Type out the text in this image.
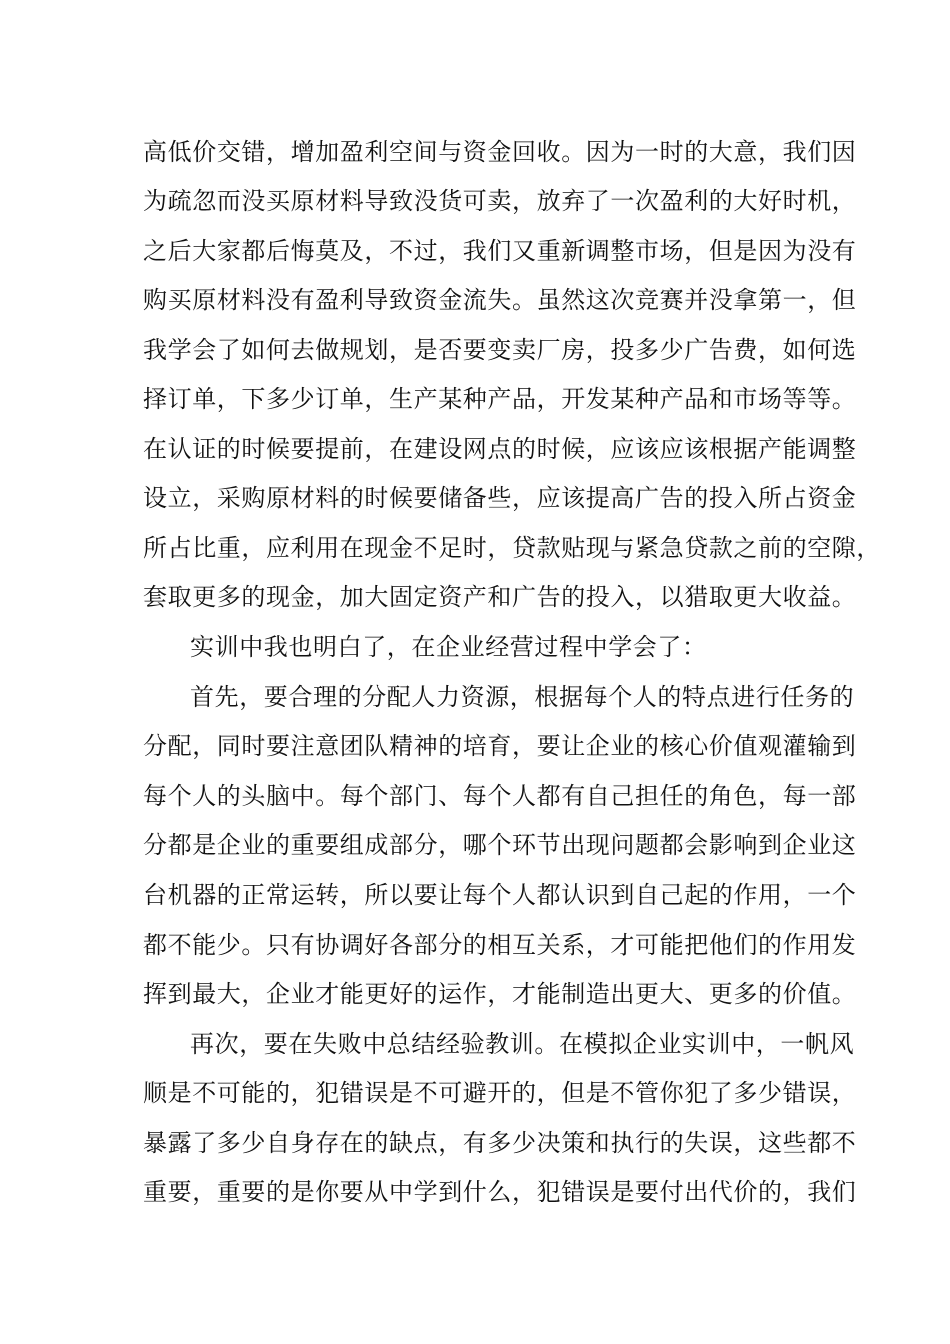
高低价交错，增加盈利空间与资金回收。因为一时的大意，我们因
为疏忽而没买原材料导致没货可卖，放弃了一次盈利的大好时机，
之后大家都后悔莫及，不过，我们又重新调整市场，但是因为没有
购买原材料没有盈利导致资金流失。虽然这次竞赛并没拿第一，但
我学会了如何去做规划，是否要变卖厂房，投多少广告费，如何选
择订单，下多少订单，生产某种产品，开发某种产品和市场等等。
在认证的时候要提前，在建设网点的时候，应该应该根据产能调整
设立，采购原材料的时候要储备些，应该提高广告的投入所占资金
所占比重，应利用在现金不足时，贷款贴现与紧急贷款之前的空隙，
套取更多的现金，加大固定资产和广告的投入，以猎取更大收益。
实训中我也明白了，在企业经营过程中学会了：
首先，要合理的分配人力资源，根据每个人的特点进行任务的
分配，同时要注意团队精神的培育，要让企业的核心价值观灌输到
每个人的头脑中。每个部门、每个人都有自己担任的角色，每一部
分都是企业的重要组成部分，哪个环节出现问题都会影响到企业这
台机器的正常运转，所以要让每个人都认识到自己起的作用，一个
都不能少。只有协调好各部分的相互关系，才可能把他们的作用发
挥到最大，企业才能更好的运作，才能制造出更大、更多的价值。
再次，要在失败中总结经验教训。在模拟企业实训中，一帆风
顺是不可能的，犯错误是不可避开的，但是不管你犯了多少错误，
暴露了多少自身存在的缺点，有多少决策和执行的失误，这些都不
重要，重要的是你要从中学到什么，犯错误是要付出代价的，我们
